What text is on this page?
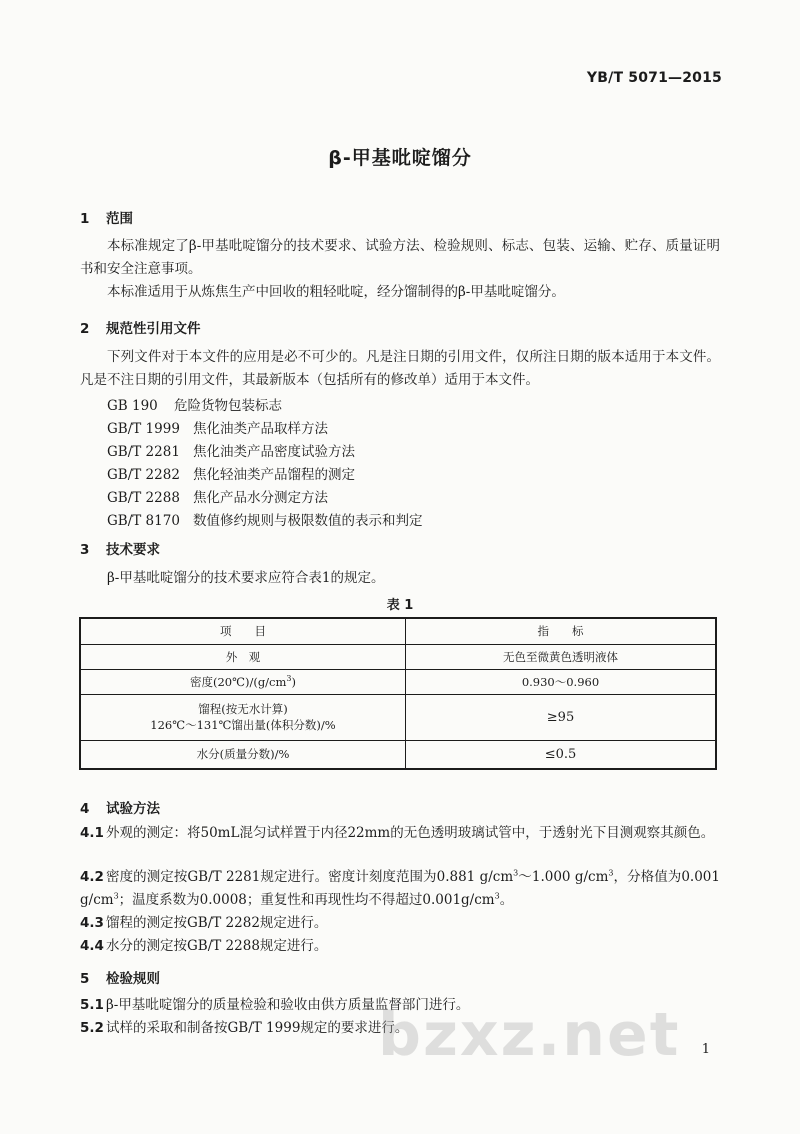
YB/T 5071—2015
β-甲基吡啶馏分
1 范围
本标准规定了β-甲基吡啶馏分的技术要求、试验方法、检验规则、标志、包装、运输、贮存、质量证明书和安全注意事项。
本标准适用于从炼焦生产中回收的粗轻吡啶，经分馏制得的β-甲基吡啶馏分。
2 规范性引用文件
下列文件对于本文件的应用是必不可少的。凡是注日期的引用文件，仅所注日期的版本适用于本文件。凡是不注日期的引用文件，其最新版本（包括所有的修改单）适用于本文件。
GB 190 危险货物包装标志
GB/T 1999 焦化油类产品取样方法
GB/T 2281 焦化油类产品密度试验方法
GB/T 2282 焦化轻油类产品馏程的测定
GB/T 2288 焦化产品水分测定方法
GB/T 8170 数值修约规则与极限数值的表示和判定
3 技术要求
β-甲基吡啶馏分的技术要求应符合表1的规定。
表 1
项　　目	指　　标
外　观	无色至微黄色透明液体
密度$(20℃)/(g/cm^3)$	0.930～0.960

馏程(按无水计算)
126℃～131℃馏出量(体积分数)/%	≥95
水分(质量分数)/%	≤0.5
4 试验方法
4.1 外观的测定：将50mL混匀试样置于内径22mm的无色透明玻璃试管中，于透射光下目测观察其颜色。
4.2 密度的测定按GB/T 2281规定进行。密度计刻度范围为0.881 $g/cm^3\sim 1.000$ $g/cm^3$，分格值为0.001 $g/cm^3$；温度系数为0.0008；重复性和再现性均不得超过$0.001g/cm^3$。
4.3 馏程的测定按GB/T 2282规定进行。
4.4 水分的测定按GB/T 2288规定进行。
5 检验规则
5.1 β-甲基吡啶馏分的质量检验和验收由供方质量监督部门进行。
5.2 试样的采取和制备按GB/T 1999规定的要求进行。
bzxz.net 1
